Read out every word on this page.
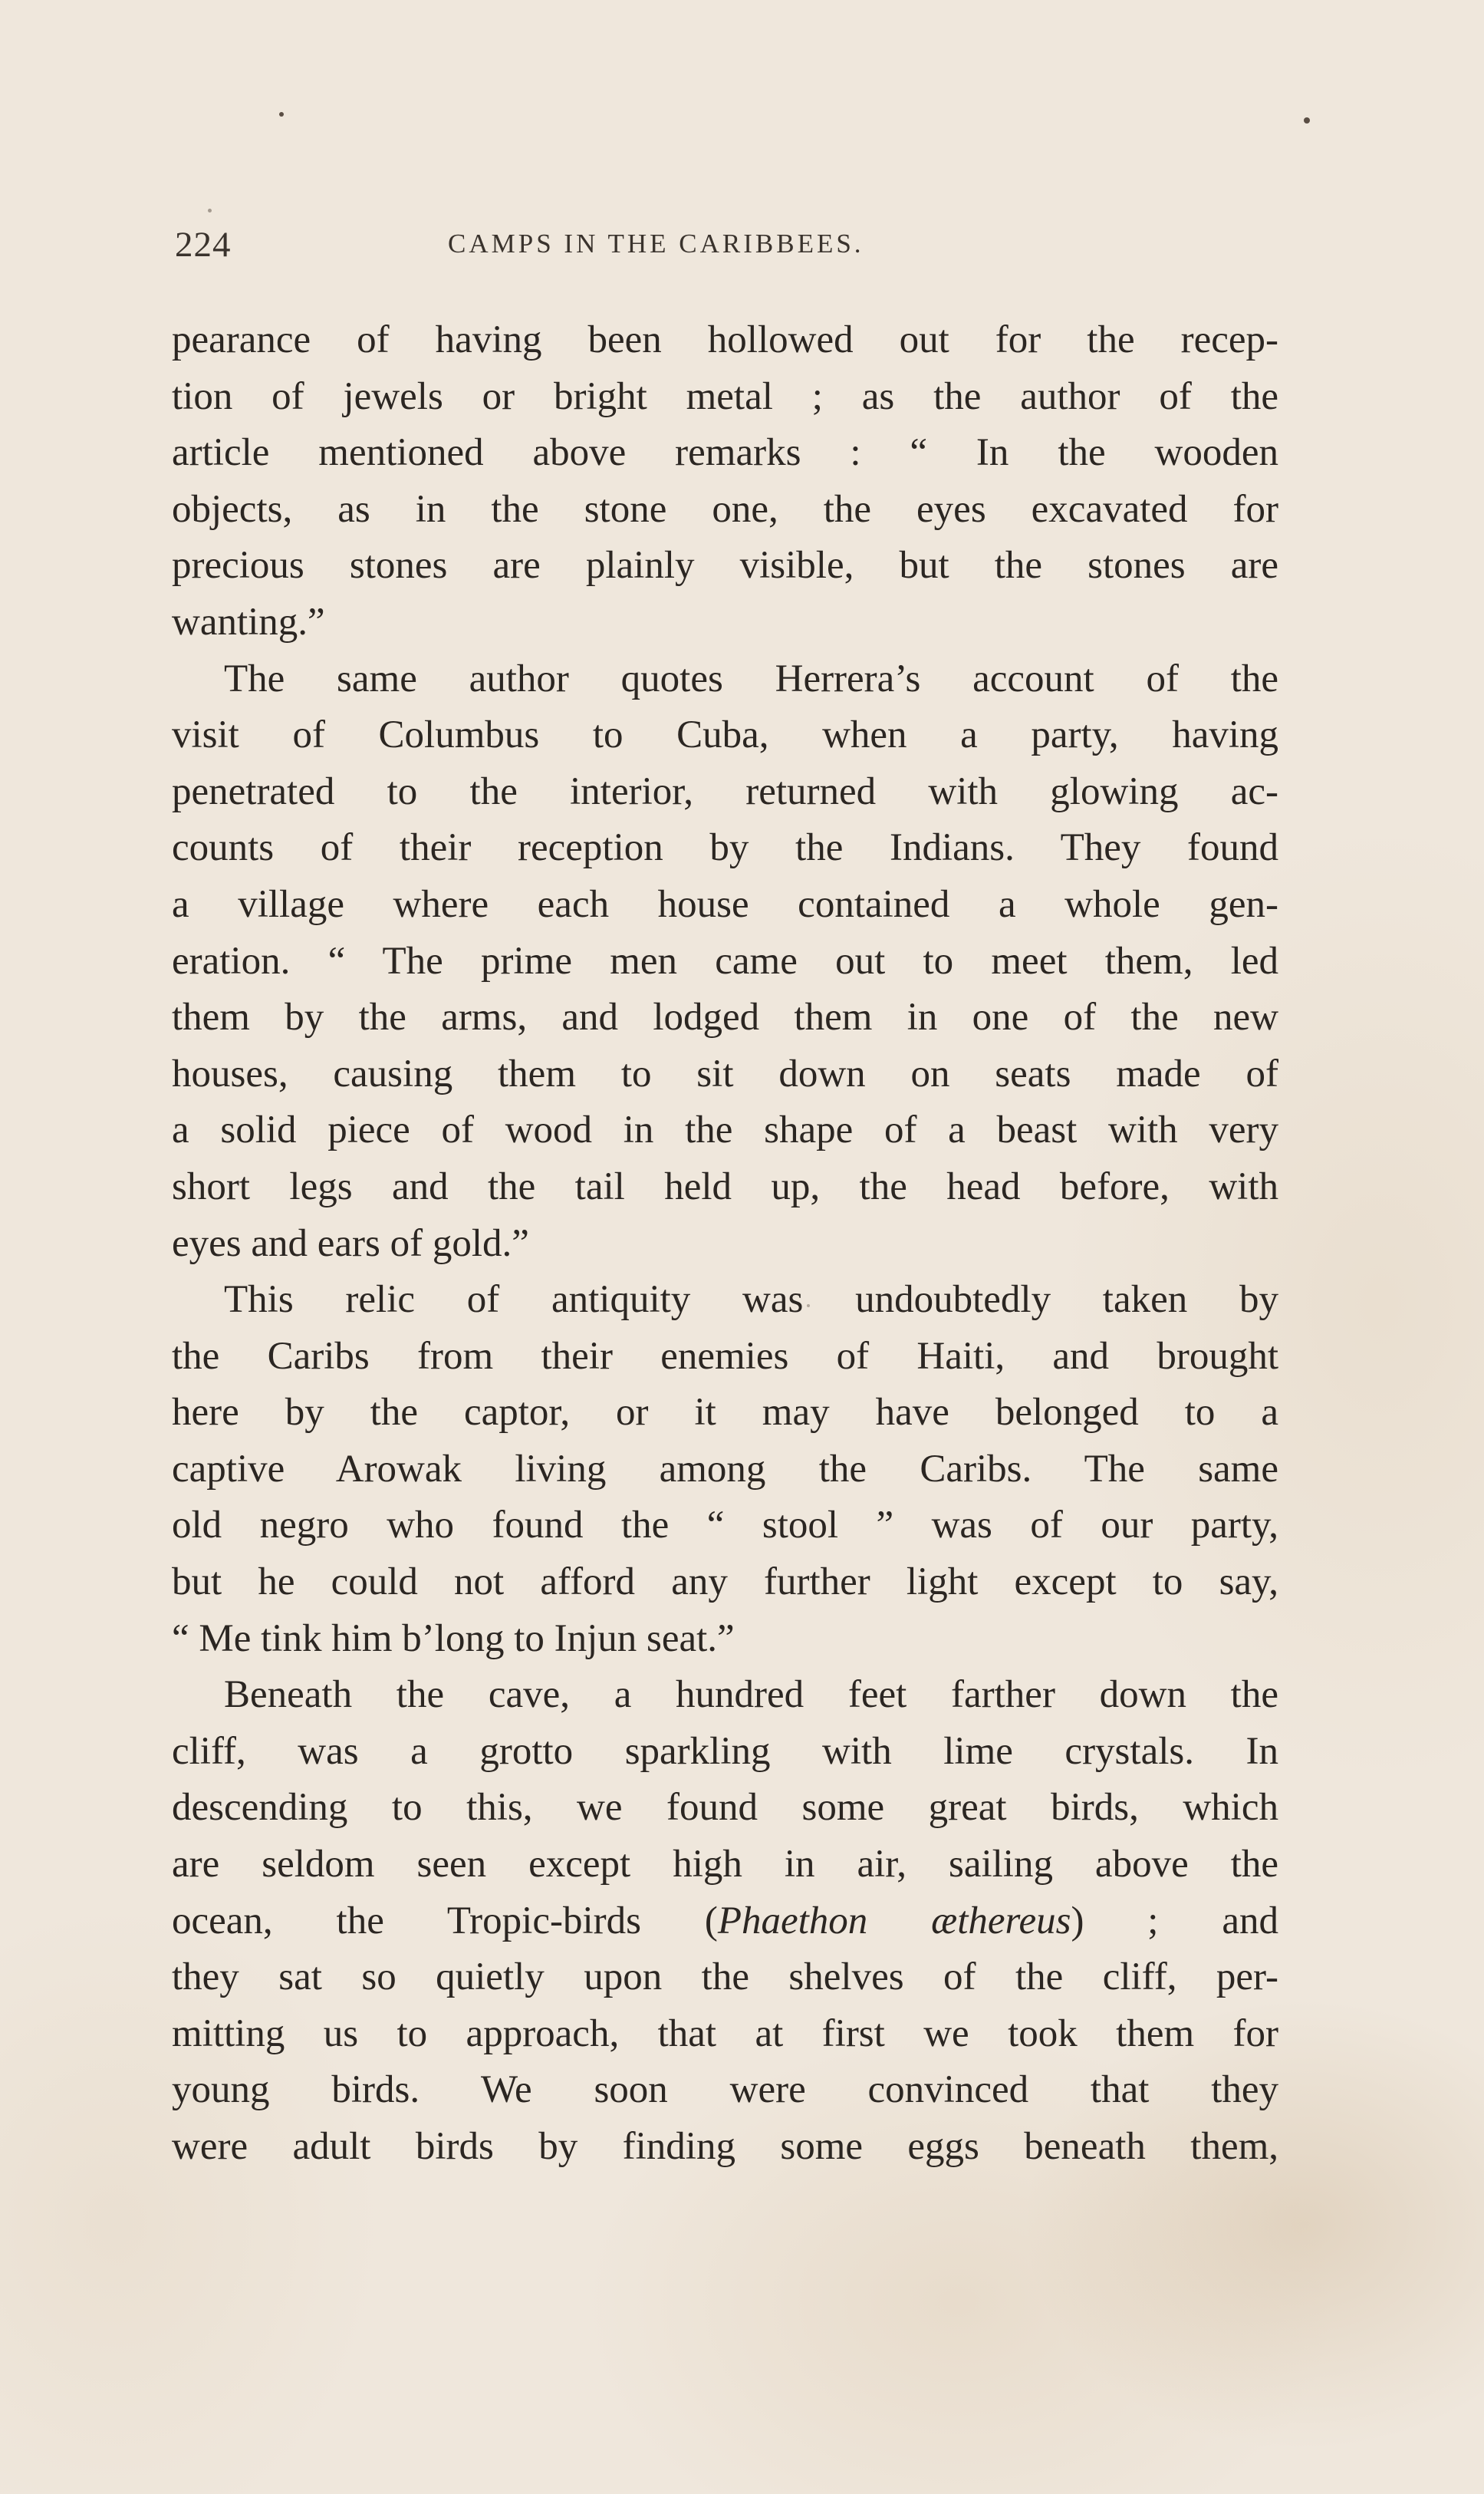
224	CAMPS IN THE CARIBBEES.
pearance of having been hollowed out for the recep-
tion of jewels or bright metal ; as the author of the
article mentioned above remarks : “ In the wooden
objects, as in the stone one, the eyes excavated for
precious stones are plainly visible, but the stones are
wanting.”
The same author quotes Herrera’s account of the
visit of Columbus to Cuba, when a party, having
penetrated to the interior, returned with glowing ac-
counts of their reception by the Indians. They found
a village where each house contained a whole gen-
eration. “ The prime men came out to meet them, led
them by the arms, and lodged them in one of the new
houses, causing them to sit down on seats made of
a solid piece of wood in the shape of a beast with very
short legs and the tail held up, the head before, with
eyes and ears of gold.”
This relic of antiquity was undoubtedly taken by
the Caribs from their enemies of Haiti, and brought
here by the captor, or it may have belonged to a
captive Arowak living among the Caribs. The same
old negro who found the “ stool ” was of our party,
but he could not afford any further light except to say,
“ Me tink him b’long to Injun seat.”
Beneath the cave, a hundred feet farther down the
cliff, was a grotto sparkling with lime crystals. In
descending to this, we found some great birds, which
are seldom seen except high in air, sailing above the
ocean, the Tropic-birds (Phaethon æthereus) ; and
they sat so quietly upon the shelves of the cliff, per-
mitting us to approach, that at first we took them for
young birds. We soon were convinced that they
were adult birds by finding some eggs beneath them,
